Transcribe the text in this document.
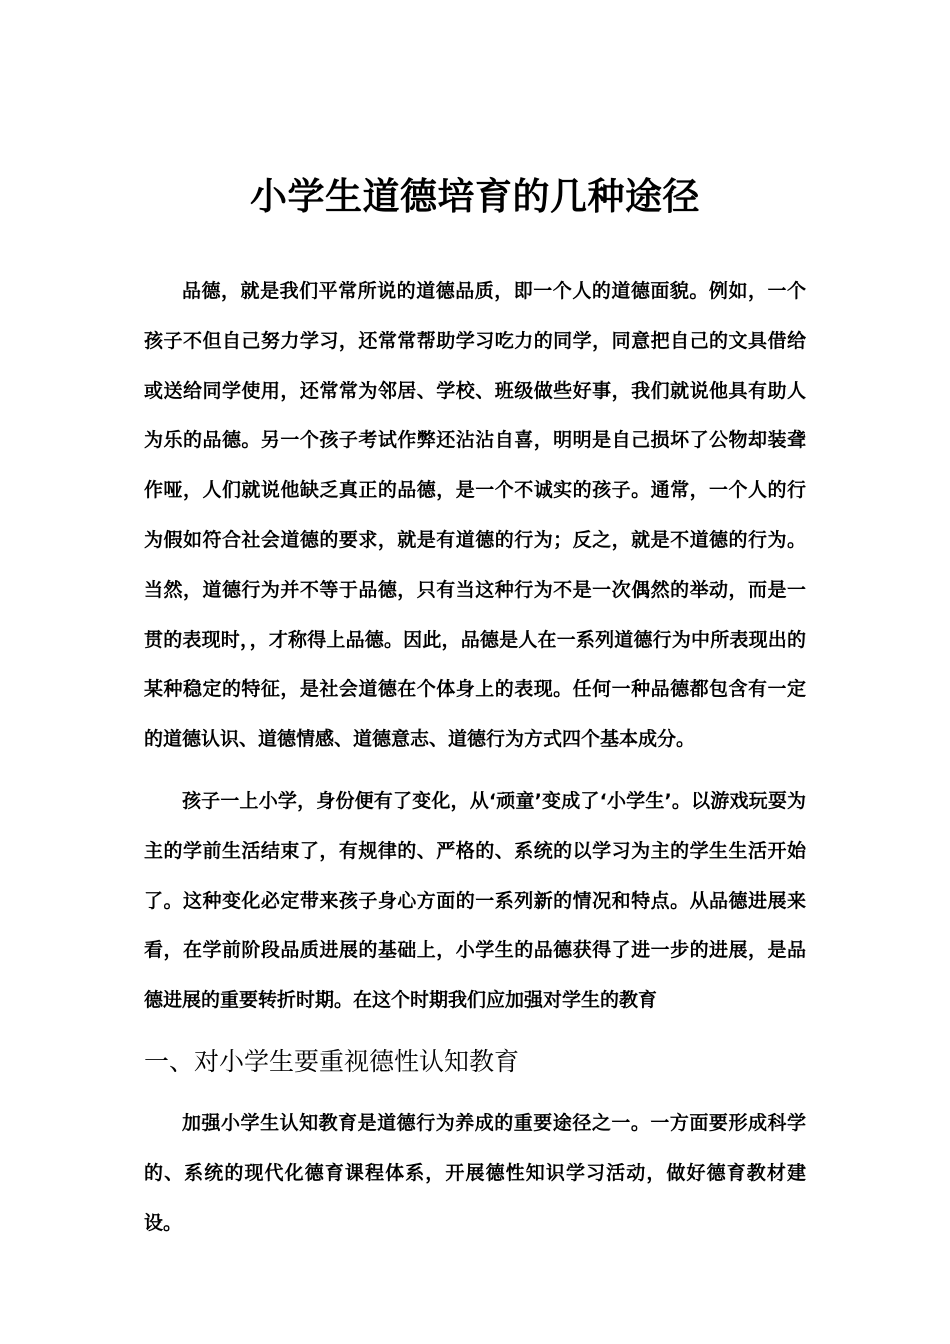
小学生道德培育的几种途径

品德，就是我们平常所说的道德品质，即一个人的道德面貌。例如，一个孩子不但自己努力学习，还常常帮助学习吃力的同学，同意把自己的文具借给或送给同学使用，还常常为邻居、学校、班级做些好事，我们就说他具有助人为乐的品德。另一个孩子考试作弊还沾沾自喜，明明是自己损坏了公物却装聋作哑，人们就说他缺乏真正的品德，是一个不诚实的孩子。通常，一个人的行为假如符合社会道德的要求，就是有道德的行为；反之，就是不道德的行为。当然，道德行为并不等于品德，只有当这种行为不是一次偶然的举动，而是一贯的表现时，，才称得上品德。因此，品德是人在一系列道德行为中所表现出的某种稳定的特征，是社会道德在个体身上的表现。任何一种品德都包含有一定的道德认识、道德情感、道德意志、道德行为方式四个基本成分。

孩子一上小学，身份便有了变化，从‘顽童’变成了‘小学生’。以游戏玩耍为主的学前生活结束了，有规律的、严格的、系统的以学习为主的学生生活开始了。这种变化必定带来孩子身心方面的一系列新的情况和特点。从品德进展来看，在学前阶段品质进展的基础上，小学生的品德获得了进一步的进展，是品德进展的重要转折时期。在这个时期我们应加强对学生的教育

一、对小学生要重视德性认知教育

加强小学生认知教育是道德行为养成的重要途径之一。一方面要形成科学的、系统的现代化德育课程体系，开展德性知识学习活动，做好德育教材建设。
